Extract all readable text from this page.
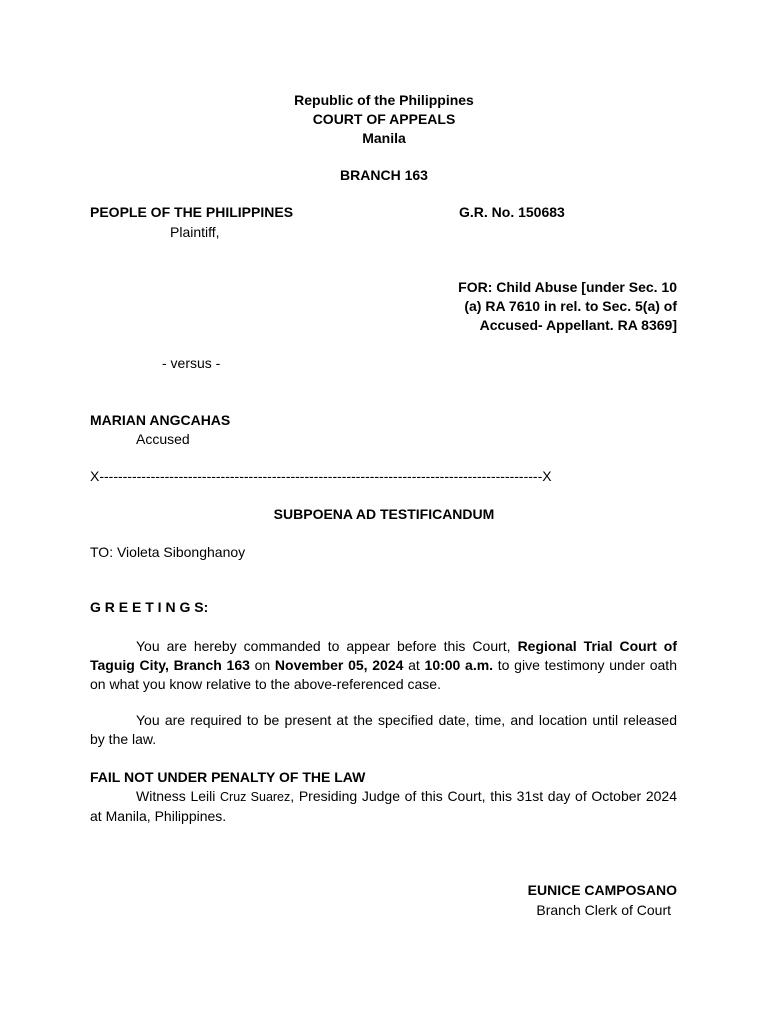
Republic of the Philippines
COURT OF APPEALS
Manila
BRANCH 163
PEOPLE OF THE PHILIPPINES
Plaintiff,
G.R. No. 150683
FOR: Child Abuse [under Sec. 10
(a) RA 7610 in rel. to Sec. 5(a) of
Accused- Appellant. RA 8369]
- versus -
MARIAN ANGCAHAS
Accused
X-----------------------------------------------------------------------------------------------X
SUBPOENA AD TESTIFICANDUM
TO: Violeta Sibonghanoy
G R E E T I N G S:
You are hereby commanded to appear before this Court, Regional Trial Court of Taguig City, Branch 163 on November 05, 2024 at 10:00 a.m. to give testimony under oath on what you know relative to the above-referenced case.
You are required to be present at the specified date, time, and location until released by the law.
FAIL NOT UNDER PENALTY OF THE LAW
Witness Leili Cruz Suarez, Presiding Judge of this Court, this 31st day of October 2024 at Manila, Philippines.
EUNICE CAMPOSANO
Branch Clerk of Court
